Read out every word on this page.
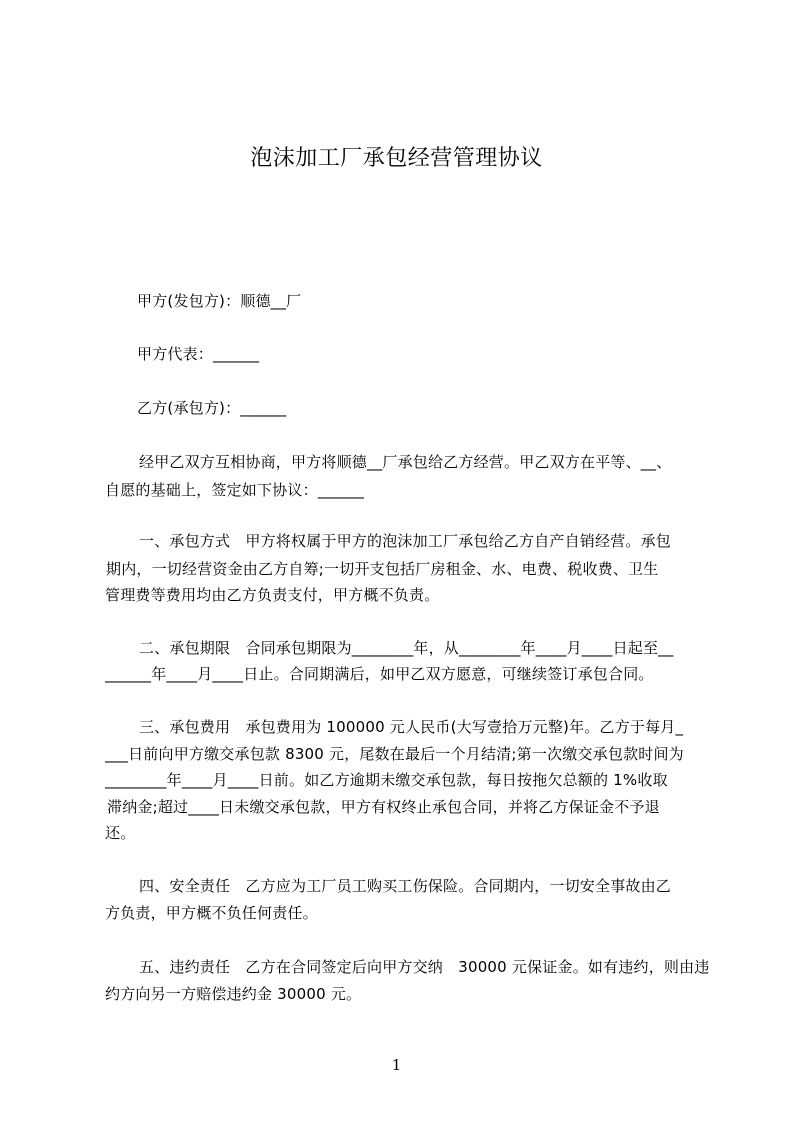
泡沫加工厂承包经营管理协议
甲方(发包方)：顺德__厂
甲方代表：______
乙方(承包方)：______
经甲乙双方互相协商，甲方将顺德__厂承包给乙方经营。甲乙双方在平等、__、
自愿的基础上，签定如下协议：______
一、承包方式　甲方将权属于甲方的泡沫加工厂承包给乙方自产自销经营。承包
期内，一切经营资金由乙方自筹;一切开支包括厂房租金、水、电费、税收费、卫生
管理费等费用均由乙方负责支付，甲方概不负责。
二、承包期限　合同承包期限为________年，从________年____月____日起至__
______年____月____日止。合同期满后，如甲乙双方愿意，可继续签订承包合同。
三、承包费用　承包费用为 100000 元人民币(大写壹拾万元整)年。乙方于每月_
___日前向甲方缴交承包款 8300 元，尾数在最后一个月结清;第一次缴交承包款时间为
________年____月____日前。如乙方逾期未缴交承包款，每日按拖欠总额的 1%收取
滞纳金;超过____日未缴交承包款，甲方有权终止承包合同，并将乙方保证金不予退
还。
四、安全责任　乙方应为工厂员工购买工伤保险。合同期内，一切安全事故由乙
方负责，甲方概不负任何责任。
五、违约责任　乙方在合同签定后向甲方交纳　30000 元保证金。如有违约，则由违
约方向另一方赔偿违约金 30000 元。
1
